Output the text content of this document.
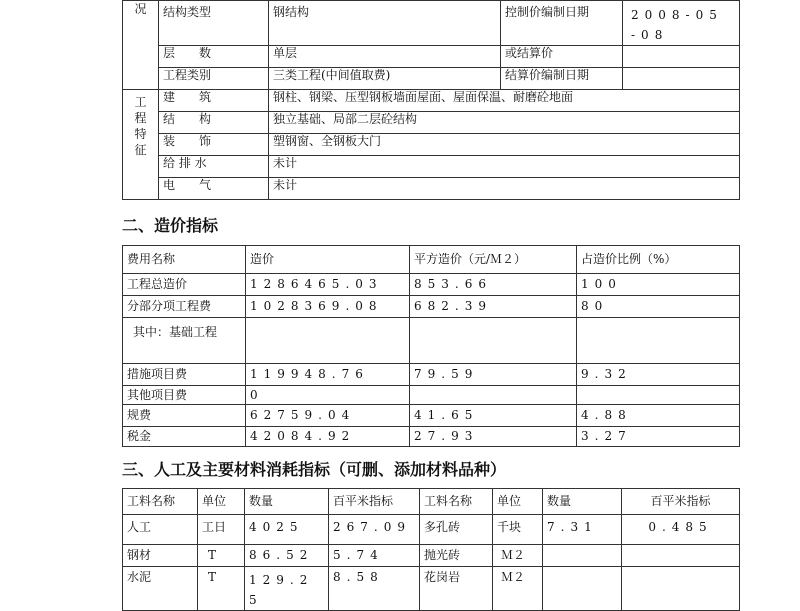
况	结构类型	钢结构	控制价编制日期	2008-05-08
	层　　数	单层	或结算价	
	工程类别	三类工程(中间值取费)	结算价编制日期	

工
程
特
征	建　　筑	钢柱、钢梁、压型钢板墙面屋面、屋面保温、耐磨砼地面		
	结　　构	独立基础、局部二层砼结构		
	装　　饰	塑钢窗、全钢板大门		
	给 排 水	未计		
	电　　气	未计		
二、造价指标
费用名称	造价	平方造价（元/Ｍ２）	占造价比例（%）
工程总造价	1286465.03	853.66	100
分部分项工程费	1028369.08	682.39	80
其中：基础工程			
措施项目费	119948.76	79.59	9.32
其他项目费	0		
规费	62759.04	41.65	4.88
税金	42084.92	27.93	3.27
三、人工及主要材料消耗指标（可删、添加材料品种）
工料名称	单位	数量	百平米指标	工料名称	单位	数量	百平米指标
人工	工日	4025	267.09	多孔砖	千块	7.31	0.485
钢材	T	86.52	5.74	抛光砖	Ｍ２		
水泥	T	129.25	8.58	花岗岩	Ｍ２		
